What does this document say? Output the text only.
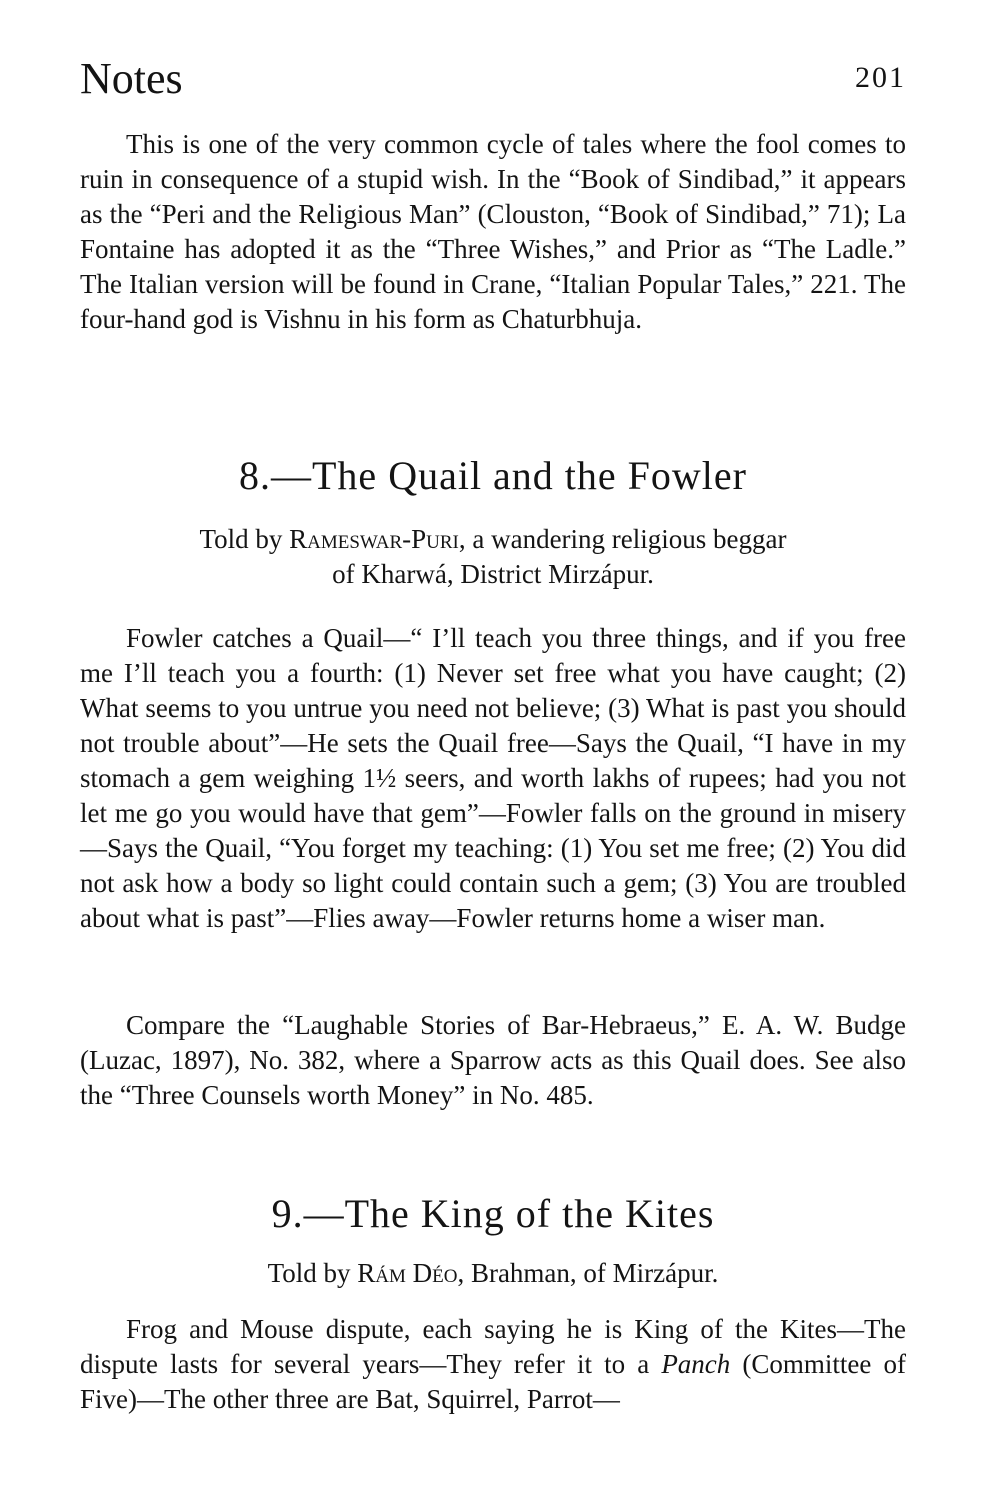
Notes	201

This is one of the very common cycle of tales where the fool comes to ruin in consequence of a stupid wish. In the “Book of Sindibad,” it appears as the “Peri and the Religious Man” (Clouston, “Book of Sindibad,” 71); La Fontaine has adopted it as the “Three Wishes,” and Prior as “The Ladle.” The Italian version will be found in Crane, “Italian Popular Tales,” 221. The four-hand god is Vishnu in his form as Chaturbhuja.

8.—The Quail and the Fowler

Told by Rameswar-Puri, a wandering religious beggar
of Kharwá, District Mirzápur.

Fowler catches a Quail—“ I’ll teach you three things, and if you free me I’ll teach you a fourth: (1) Never set free what you have caught; (2) What seems to you untrue you need not believe; (3) What is past you should not trouble about”—He sets the Quail free—Says the Quail, “I have in my stomach a gem weighing 1½ seers, and worth lakhs of rupees; had you not let me go you would have that gem”—Fowler falls on the ground in misery—Says the Quail, “You forget my teaching: (1) You set me free; (2) You did not ask how a body so light could contain such a gem; (3) You are troubled about what is past”—Flies away—Fowler returns home a wiser man.

Compare the “Laughable Stories of Bar-Hebraeus,” E. A. W. Budge (Luzac, 1897), No. 382, where a Sparrow acts as this Quail does. See also the “Three Counsels worth Money” in No. 485.

9.—The King of the Kites

Told by Rám Déo, Brahman, of Mirzápur.

Frog and Mouse dispute, each saying he is King of the Kites—The dispute lasts for several years—They refer it to a Panch (Committee of Five)—The other three are Bat, Squirrel, Parrot—
